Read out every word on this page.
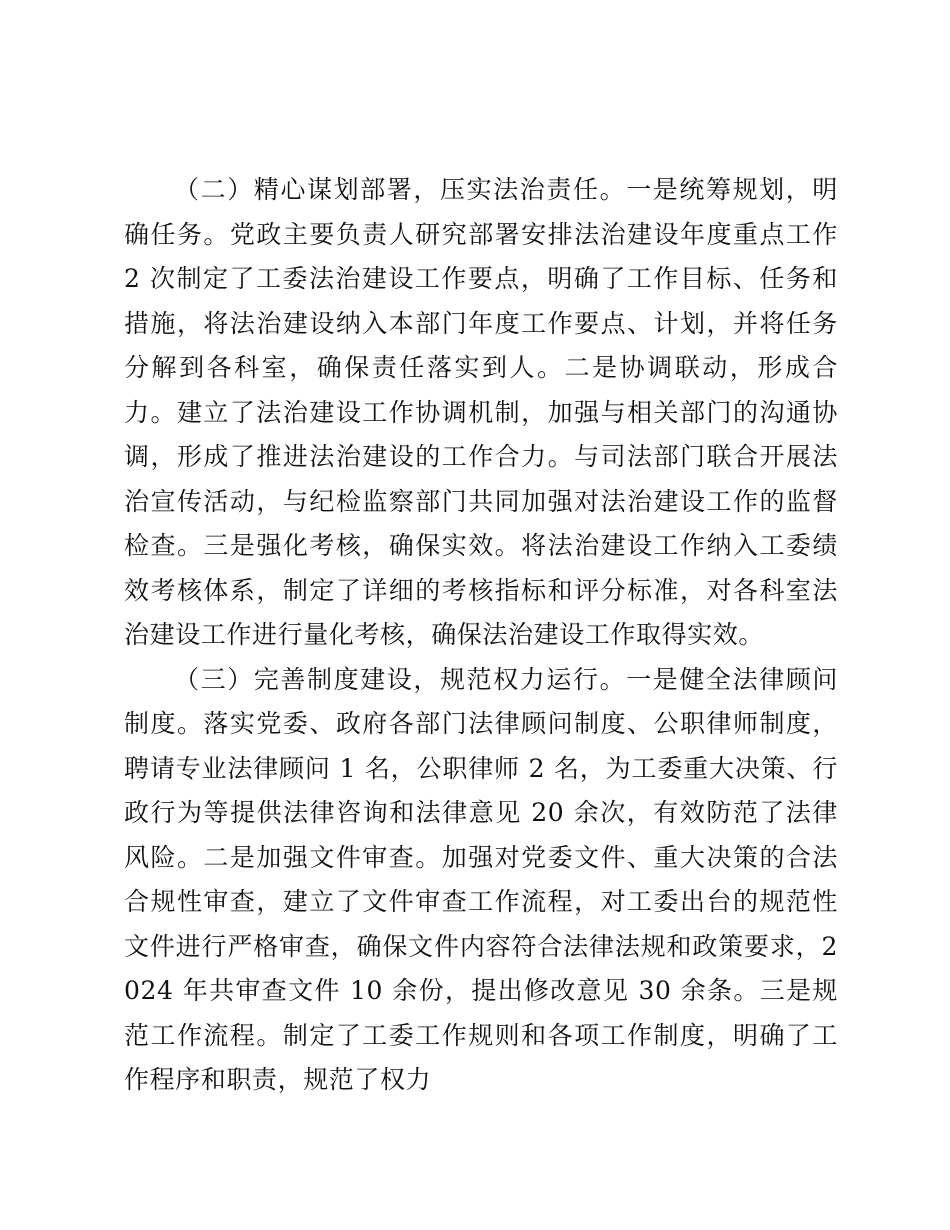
（二）精心谋划部署，压实法治责任。一是统筹规划，明确任务。党政主要负责人研究部署安排法治建设年度重点工作 2 次制定了工委法治建设工作要点，明确了工作目标、任务和措施，将法治建设纳入本部门年度工作要点、计划，并将任务分解到各科室，确保责任落实到人。二是协调联动，形成合力。建立了法治建设工作协调机制，加强与相关部门的沟通协调，形成了推进法治建设的工作合力。与司法部门联合开展法治宣传活动，与纪检监察部门共同加强对法治建设工作的监督检查。三是强化考核，确保实效。将法治建设工作纳入工委绩效考核体系，制定了详细的考核指标和评分标准，对各科室法治建设工作进行量化考核，确保法治建设工作取得实效。

（三）完善制度建设，规范权力运行。一是健全法律顾问制度。落实党委、政府各部门法律顾问制度、公职律师制度，聘请专业法律顾问 1 名，公职律师 2 名，为工委重大决策、行政行为等提供法律咨询和法律意见 20 余次，有效防范了法律风险。二是加强文件审查。加强对党委文件、重大决策的合法合规性审查，建立了文件审查工作流程，对工委出台的规范性文件进行严格审查，确保文件内容符合法律法规和政策要求，2024 年共审查文件 10 余份，提出修改意见 30 余条。三是规范工作流程。制定了工委工作规则和各项工作制度，明确了工作程序和职责，规范了权力
